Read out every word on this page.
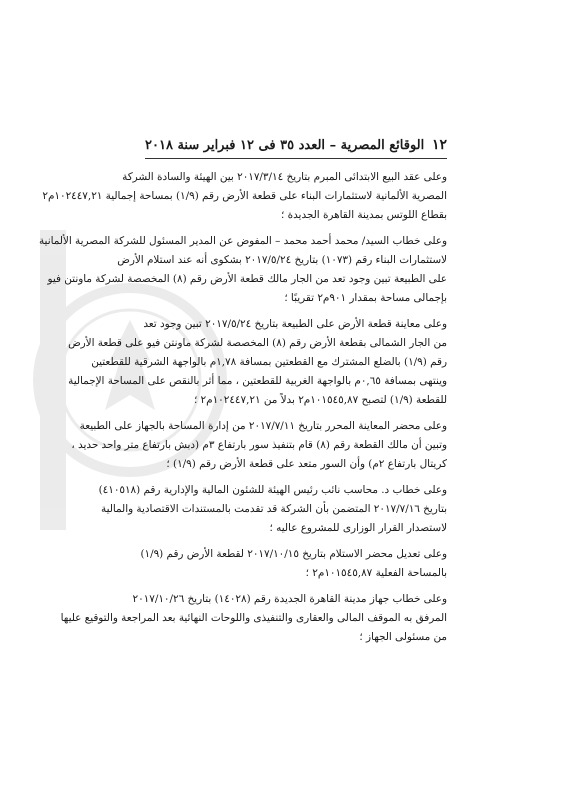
١٢
الوقائع المصرية – العدد ٣٥ فى ١٢ فبراير سنة ٢٠١٨
وعلى عقد البيع الابتدائى المبرم بتاريخ ٢٠١٧/٣/١٤ بين الهيئة والسادة الشركة
المصرية الألمانية لاستثمارات البناء على قطعة الأرض رقم (١/٩) بمساحة إجمالية ١٠٢٤٤٧,٢١م٢
بقطاع اللوتس بمدينة القاهرة الجديدة ؛
وعلى خطاب السيد/ محمد أحمد محمد – المفوض عن المدير المسئول للشركة المصرية الألمانية
لاستثمارات البناء رقم (١٠٧٣) بتاريخ ٢٠١٧/٥/٢٤ بشكوى أنه عند استلام الأرض
على الطبيعة تبين وجود تعد من الجار مالك قطعة الأرض رقم (٨) المخصصة لشركة ماونتن فيو
بإجمالى مساحة بمقدار ٩٠١م٢ تقريبًا ؛
وعلى معاينة قطعة الأرض على الطبيعة بتاريخ ٢٠١٧/٥/٢٤ تبين وجود تعد
من الجار الشمالى بقطعة الأرض رقم (٨) المخصصة لشركة ماونتن فيو على قطعة الأرض
رقم (١/٩) بالضلع المشترك مع القطعتين بمسافة ١,٧٨م بالواجهة الشرقية للقطعتين
وينتهى بمسافة ٠,٦٥م بالواجهة الغربية للقطعتين ، مما أثر بالنقص على المساحة الإجمالية
للقطعة (١/٩) لتصبح ١٠١٥٤٥,٨٧م٢ بدلاً من ١٠٢٤٤٧,٢١م٢ ؛
وعلى محضر المعاينة المحرر بتاريخ ٢٠١٧/٧/١١ من إدارة المساحة بالجهاز على الطبيعة
وتبين أن مالك القطعة رقم (٨) قام بتنفيذ سور بارتفاع ٣م (دبش بارتفاع متر واحد حديد ،
كريتال بارتفاع ٢م) وأن السور متعد على قطعة الأرض رقم (١/٩) ؛
وعلى خطاب د. محاسب نائب رئيس الهيئة للشئون المالية والإدارية رقم (٤١٠٥١٨)
بتاريخ ٢٠١٧/٧/١٦ المتضمن بأن الشركة قد تقدمت بالمستندات الاقتصادية والمالية
لاستصدار القرار الوزارى للمشروع عاليه ؛
وعلى تعديل محضر الاستلام بتاريخ ٢٠١٧/١٠/١٥ لقطعة الأرض رقم (١/٩)
بالمساحة الفعلية ١٠١٥٤٥,٨٧م٢ ؛
وعلى خطاب جهاز مدينة القاهرة الجديدة رقم (١٤٠٢٨) بتاريخ ٢٠١٧/١٠/٢٦
المرفق به الموقف المالى والعقارى والتنفيذى واللوحات النهائية بعد المراجعة والتوقيع عليها
من مسئولى الجهاز ؛
